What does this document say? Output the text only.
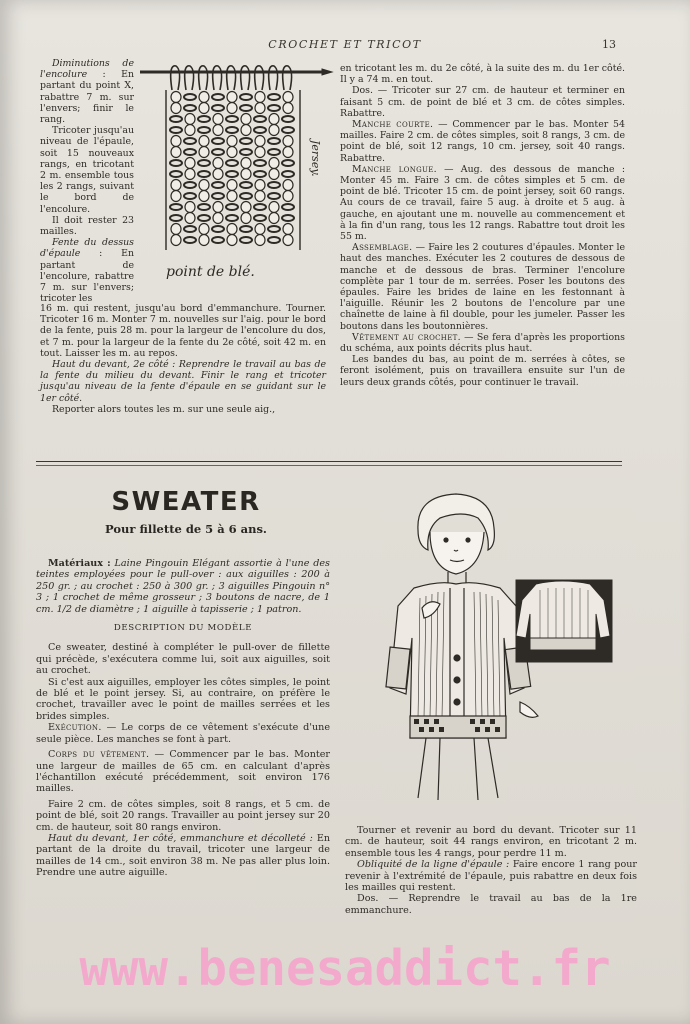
CROCHET ET TRICOT	13

Diminutions de l'encolure : En partant du point X, rabattre 7 m. sur l'envers; finir le rang.

Tricoter jusqu'au niveau de l'épaule, soit 15 nouveaux rangs, en tricotant 2 m. ensemble tous les 2 rangs, suivant le bord de l'encolure.

Il doit rester 23 mailles.

Fente du dessus d'épaule : En partant de l'encolure, rabattre 7 m. sur l'envers; tricoter les

Jersey.
point de blé.

16 m. qui restent, jusqu'au bord d'emmanchure. Tourner. Tricoter 16 m. Monter 7 m. nouvelles sur l'aig. pour le bord de la fente, puis 28 m. pour la largeur de l'encolure du dos, et 7 m. pour la largeur de la fente du 2e côté, soit 42 m. en tout. Laisser les m. au repos.

Haut du devant, 2e côté : Reprendre le travail au bas de la fente du milieu du devant. Finir le rang et tricoter jusqu'au niveau de la fente d'épaule en se guidant sur le 1er côté.

Reporter alors toutes les m. sur une seule aig.,

en tricotant les m. du 2e côté, à la suite des m. du 1er côté. Il y a 74 m. en tout.

Dos. — Tricoter sur 27 cm. de hauteur et terminer en faisant 5 cm. de point de blé et 3 cm. de côtes simples. Rabattre.

Manche courte. — Commencer par le bas. Monter 54 mailles. Faire 2 cm. de côtes simples, soit 8 rangs, 3 cm. de point de blé, soit 12 rangs, 10 cm. jersey, soit 40 rangs. Rabattre.

Manche longue. — Aug. des dessous de manche : Monter 45 m. Faire 3 cm. de côtes simples et 5 cm. de point de blé. Tricoter 15 cm. de point jersey, soit 60 rangs. Au cours de ce travail, faire 5 aug. à droite et 5 aug. à gauche, en ajoutant une m. nouvelle au commencement et à la fin d'un rang, tous les 12 rangs. Rabattre tout droit les 55 m.

Assemblage. — Faire les 2 coutures d'épaules. Monter le haut des manches. Exécuter les 2 coutures de dessous de manche et de dessous de bras. Terminer l'encolure complète par 1 tour de m. serrées. Poser les boutons des épaules. Faire les brides de laine en les festonnant à l'aiguille. Réunir les 2 boutons de l'encolure par une chaînette de laine à fil double, pour les jumeler. Passer les boutons dans les boutonnières.

Vêtement au crochet. — Se fera d'après les proportions du schéma, aux points décrits plus haut.

Les bandes du bas, au point de m. serrées à côtes, se feront isolément, puis on travaillera ensuite sur l'un de leurs deux grands côtés, pour continuer le travail.

SWEATER
Pour fillette de 5 à 6 ans.

Matériaux : Laine Pingouin Elégant assortie à l'une des teintes employées pour le pull-over : aux aiguilles : 200 à 250 gr. ; au crochet : 250 à 300 gr. ; 3 aiguilles Pingouin n° 3 ; 1 crochet de même grosseur ; 3 boutons de nacre, de 1 cm. 1/2 de diamètre ; 1 aiguille à tapisserie ; 1 patron.

DESCRIPTION DU MODÈLE

Ce sweater, destiné à compléter le pull-over de fillette qui précède, s'exécutera comme lui, soit aux aiguilles, soit au crochet.

Si c'est aux aiguilles, employer les côtes simples, le point de blé et le point jersey. Si, au contraire, on préfère le crochet, travailler avec le point de mailles serrées et les brides simples.

Exécution. — Le corps de ce vêtement s'exécute d'une seule pièce. Les manches se font à part.

Corps du vêtement. — Commencer par le bas. Monter une largeur de mailles de 65 cm. en calculant d'après l'échantillon exécuté précédemment, soit environ 176 mailles.

Faire 2 cm. de côtes simples, soit 8 rangs, et 5 cm. de point de blé, soit 20 rangs. Travailler au point jersey sur 20 cm. de hauteur, soit 80 rangs environ.

Haut du devant, 1er côté, emmanchure et décolleté : En partant de la droite du travail, tricoter une largeur de mailles de 14 cm., soit environ 38 m. Ne pas aller plus loin. Prendre une autre aiguille.

Tourner et revenir au bord du devant. Tricoter sur 11 cm. de hauteur, soit 44 rangs environ, en tricotant 2 m. ensemble tous les 4 rangs, pour perdre 11 m.

Obliquité de la ligne d'épaule : Faire encore 1 rang pour revenir à l'extrémité de l'épaule, puis rabattre en deux fois les mailles qui restent.

Dos. — Reprendre le travail au bas de la 1re emmanchure.

www.benesaddict.fr
